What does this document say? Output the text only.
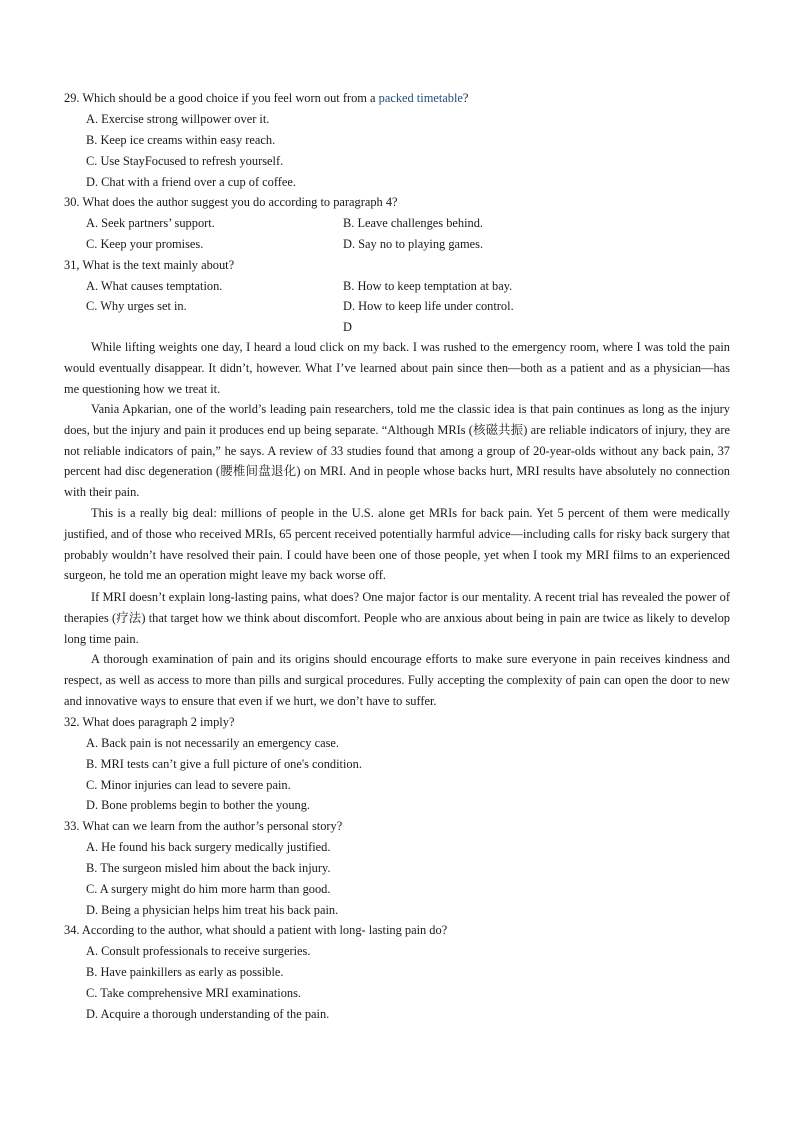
29. Which should be a good choice if you feel worn out from a packed timetable?
A. Exercise strong willpower over it.
B. Keep ice creams within easy reach.
C. Use StayFocused to refresh yourself.
D. Chat with a friend over a cup of coffee.
30. What does the author suggest you do according to paragraph 4?
A. Seek partners’ support.	B. Leave challenges behind.
C. Keep your promises.	D. Say no to playing games.
31, What is the text mainly about?
A. What causes temptation.	B. How to keep temptation at bay.
C. Why urges set in.	D. How to keep life under control.
D

While lifting weights one day, I heard a loud click on my back. I was rushed to the emergency room, where I was told the pain would eventually disappear. It didn’t, however. What I’ve learned about pain since then—both as a patient and as a physician—has me questioning how we treat it.

Vania Apkarian, one of the world’s leading pain researchers, told me the classic idea is that pain continues as long as the injury does, but the injury and pain it produces end up being separate. “Although MRIs (核磁共振) are reliable indicators of injury, they are not reliable indicators of pain,” he says. A review of 33 studies found that among a group of 20-year-olds without any back pain, 37 percent had disc degeneration (腰椎间盘退化) on MRI. And in people whose backs hurt, MRI results have absolutely no connection with their pain.

This is a really big deal: millions of people in the U.S. alone get MRIs for back pain. Yet 5 percent of them were medically justified, and of those who received MRIs, 65 percent received potentially harmful advice—including calls for risky back surgery that probably wouldn’t have resolved their pain. I could have been one of those people, yet when I took my MRI films to an experienced surgeon, he told me an operation might leave my back worse off.

If MRI doesn’t explain long-lasting pains, what does? One major factor is our mentality. A recent trial has revealed the power of therapies (疗法) that target how we think about discomfort. People who are anxious about being in pain are twice as likely to develop long time pain.

A thorough examination of pain and its origins should encourage efforts to make sure everyone in pain receives kindness and respect, as well as access to more than pills and surgical procedures. Fully accepting the complexity of pain can open the door to new and innovative ways to ensure that even if we hurt, we don’t have to suffer.

32. What does paragraph 2 imply?
A. Back pain is not necessarily an emergency case.
B. MRI tests can’t give a full picture of one's condition.
C. Minor injuries can lead to severe pain.
D. Bone problems begin to bother the young.
33. What can we learn from the author’s personal story?
A. He found his back surgery medically justified.
B. The surgeon misled him about the back injury.
C. A surgery might do him more harm than good.
D. Being a physician helps him treat his back pain.
34. According to the author, what should a patient with long- lasting pain do?
A. Consult professionals to receive surgeries.
B. Have painkillers as early as possible.
C. Take comprehensive MRI examinations.
D. Acquire a thorough understanding of the pain.
